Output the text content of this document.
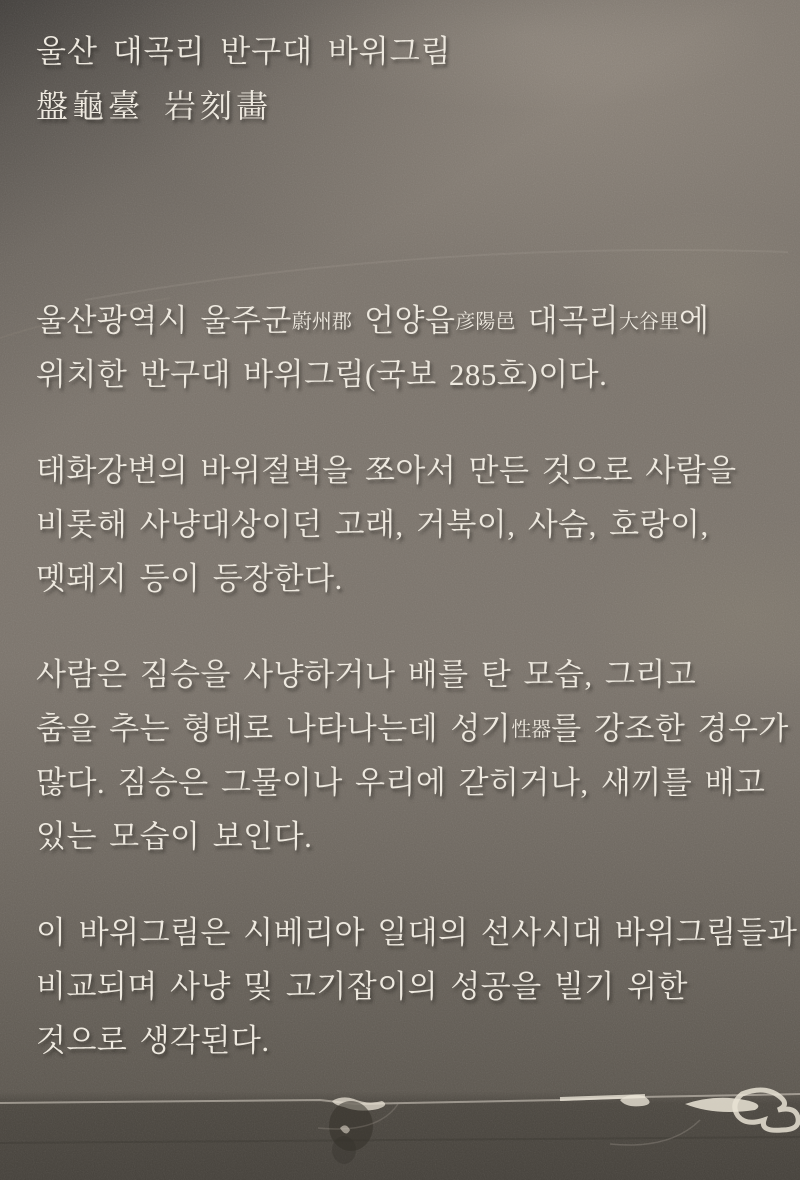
울산 대곡리 반구대 바위그림
盤龜臺 岩刻畵
울산광역시 울주군蔚州郡 언양읍彦陽邑 대곡리大谷里에
위치한 반구대 바위그림(국보 285호)이다.
태화강변의 바위절벽을 쪼아서 만든 것으로 사람을
비롯해 사냥대상이던 고래, 거북이, 사슴, 호랑이,
멧돼지 등이 등장한다.
사람은 짐승을 사냥하거나 배를 탄 모습, 그리고
춤을 추는 형태로 나타나는데 성기性器를 강조한 경우가
많다. 짐승은 그물이나 우리에 갇히거나, 새끼를 배고
있는 모습이 보인다.
이 바위그림은 시베리아 일대의 선사시대 바위그림들과
비교되며 사냥 및 고기잡이의 성공을 빌기 위한
것으로 생각된다.
